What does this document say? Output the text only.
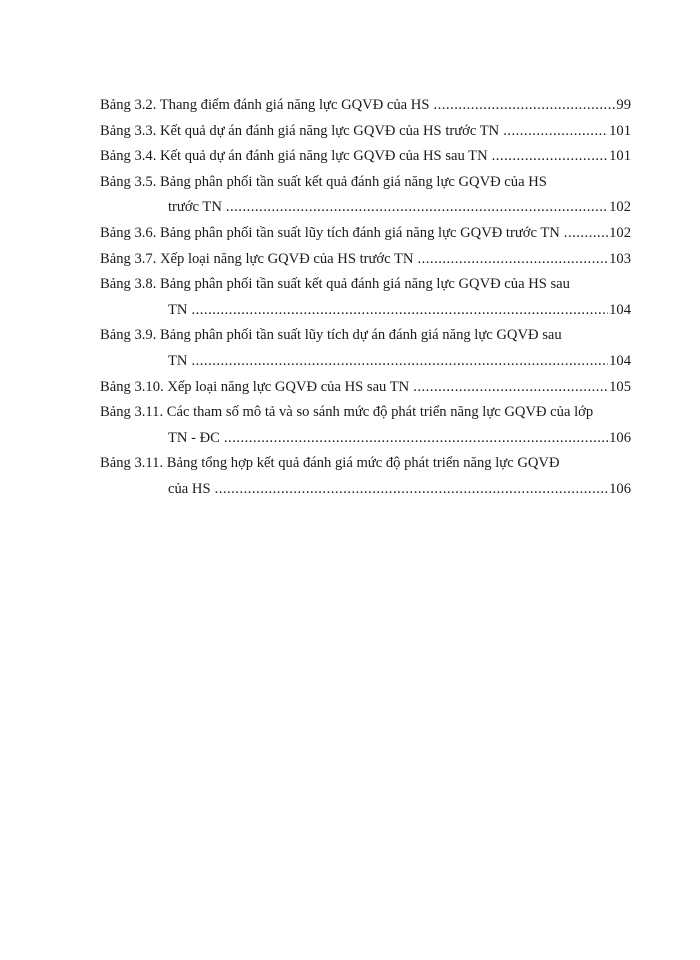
Bảng 3.2. Thang điểm đánh giá năng lực GQVĐ của HS .....	99
Bảng 3.3. Kết quả dự án đánh giá năng lực GQVĐ của HS trước TN .....	101
Bảng 3.4. Kết quả dự án đánh giá năng lực GQVĐ của HS sau TN .....	101
Bảng 3.5. Bảng phân phối tần suất kết quả đánh giá năng lực GQVĐ của HS
trước TN .....	102
Bảng 3.6. Bảng phân phối tần suất lũy tích đánh giá năng lực GQVĐ trước TN .....	102
Bảng 3.7. Xếp loại năng lực GQVĐ của HS trước TN .....	103
Bảng 3.8. Bảng phân phối tần suất kết quả đánh giá năng lực GQVĐ của HS sau
TN .....	104
Bảng 3.9. Bảng phân phối tần suất lũy tích dự án đánh giá năng lực GQVĐ sau
TN .....	104
Bảng 3.10. Xếp loại năng lực GQVĐ của HS sau TN .....	105
Bảng 3.11. Các tham số mô tả và so sánh mức độ phát triển năng lực GQVĐ của lớp
TN - ĐC .....	106
Bảng 3.11. Bảng tổng hợp kết quả đánh giá mức độ phát triển năng lực GQVĐ
của HS .....	106
